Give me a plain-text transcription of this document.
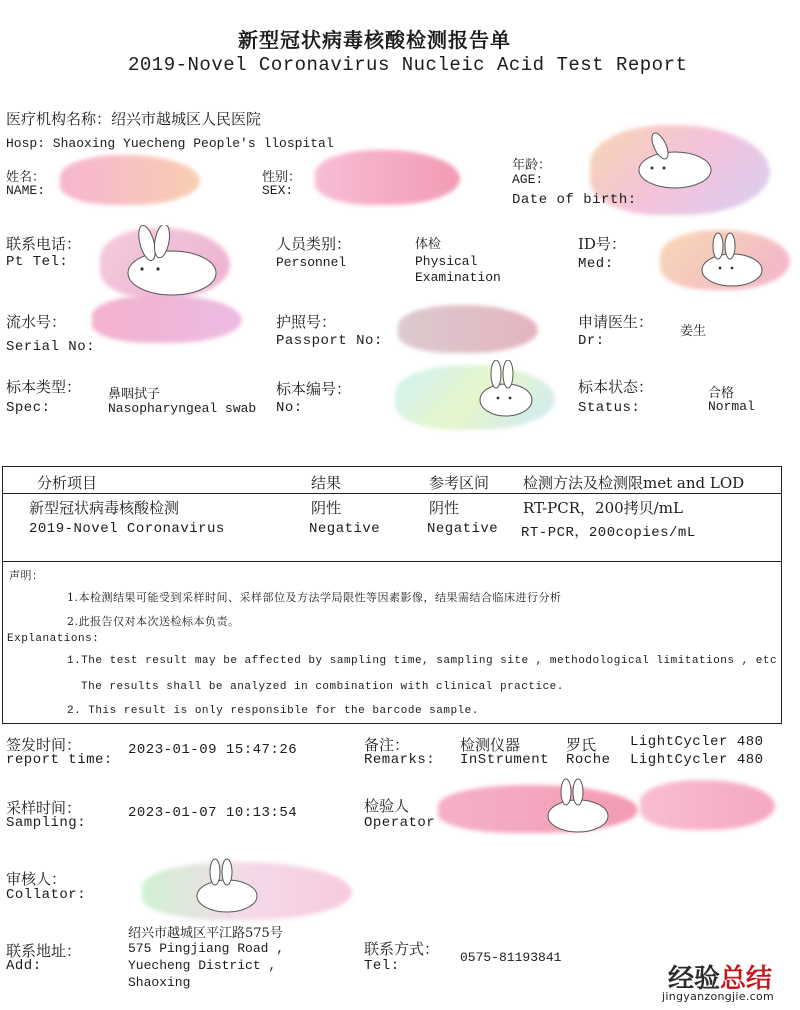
新型冠状病毒核酸检测报告单
2019-Novel Coronavirus Nucleic Acid Test Report
医疗机构名称：绍兴市越城区人民医院
Hosp: Shaoxing Yuecheng People's llospital
姓名：
NAME:
性别：
SEX:
年龄：
AGE:
Date of birth:
联系电话：
Pt Tel:
人员类别：
Personnel
体检
Physical
Examination
ID号：
Med:
流水号：
Serial No:
护照号：
Passport No:
申请医生：
Dr:
姜生
标本类型：
Spec:
鼻咽拭子
Nasopharyngeal swab
标本编号：
No:
标本状态：
Status:
合格
Normal
分析项目	结果	参考区间 检测方法及检测限met and LOD
新型冠状病毒核酸检测	阴性	阴性	RT-PCR，200拷贝/mL
2019-Novel Coronavirus	Negative	Negative RT-PCR，200copies/mL
声明：
1.本检测结果可能受到采样时间、采样部位及方法学局限性等因素影像，结果需结合临床进行分析
2.此报告仅对本次送检标本负责。
Explanations:
1.The test result may be affected by sampling time, sampling site , methodological limitations , etc
The results shall be analyzed in combination with clinical practice.
2. This result is only responsible for the barcode sample.
签发时间：
report time:
2023-01-09 15:47:26	备注：
Remarks:
检测仪器
InStrument
罗氏
Roche
LightCycler 480
LightCycler 480
采样时间：
Sampling:
2023-01-07 10:13:54	检验人
Operator
审核人：
Collator:
联系地址：
Add:
绍兴市越城区平江路575号
575 Pingjiang Road ,
Yuecheng District ,
Shaoxing
联系方式：
Tel:
0575-81193841
经验总结
jingyanzongjie.com
